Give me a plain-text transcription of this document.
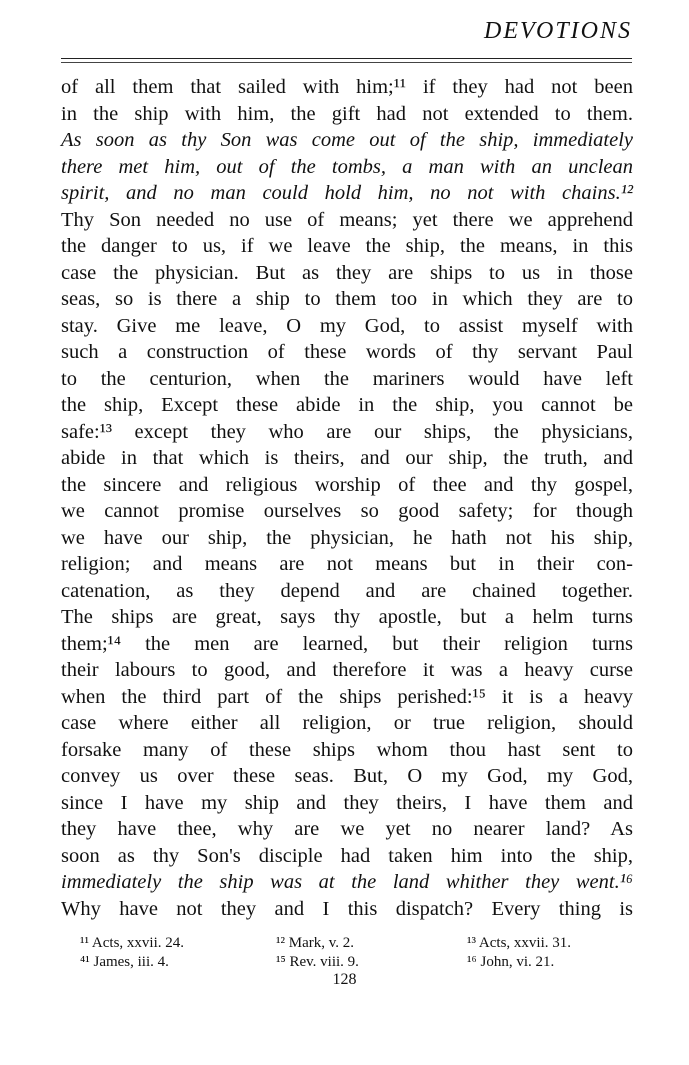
DEVOTIONS
of all them that sailed with him;¹¹ if they had not been
in the ship with him, the gift had not extended to them.
As soon as thy Son was come out of the ship, immediately
there met him, out of the tombs, a man with an unclean
spirit, and no man could hold him, no not with chains.¹²
Thy Son needed no use of means; yet there we apprehend
the danger to us, if we leave the ship, the means, in this
case the physician. But as they are ships to us in those
seas, so is there a ship to them too in which they are to
stay. Give me leave, O my God, to assist myself with
such a construction of these words of thy servant Paul
to the centurion, when the mariners would have left
the ship, Except these abide in the ship, you cannot be
safe:¹³ except they who are our ships, the physicians,
abide in that which is theirs, and our ship, the truth, and
the sincere and religious worship of thee and thy gospel,
we cannot promise ourselves so good safety; for though
we have our ship, the physician, he hath not his ship,
religion; and means are not means but in their con-
catenation, as they depend and are chained together.
The ships are great, says thy apostle, but a helm turns
them;¹⁴ the men are learned, but their religion turns
their labours to good, and therefore it was a heavy curse
when the third part of the ships perished:¹⁵ it is a heavy
case where either all religion, or true religion, should
forsake many of these ships whom thou hast sent to
convey us over these seas. But, O my God, my God,
since I have my ship and they theirs, I have them and
they have thee, why are we yet no nearer land? As
soon as thy Son's disciple had taken him into the ship,
immediately the ship was at the land whither they went.¹⁶
Why have not they and I this dispatch? Every thing is
¹¹ Acts, xxvii. 24.
⁴¹ James, iii. 4.
¹² Mark, v. 2.
¹⁵ Rev. viii. 9.
¹³ Acts, xxvii. 31.
¹⁶ John, vi. 21.
128
